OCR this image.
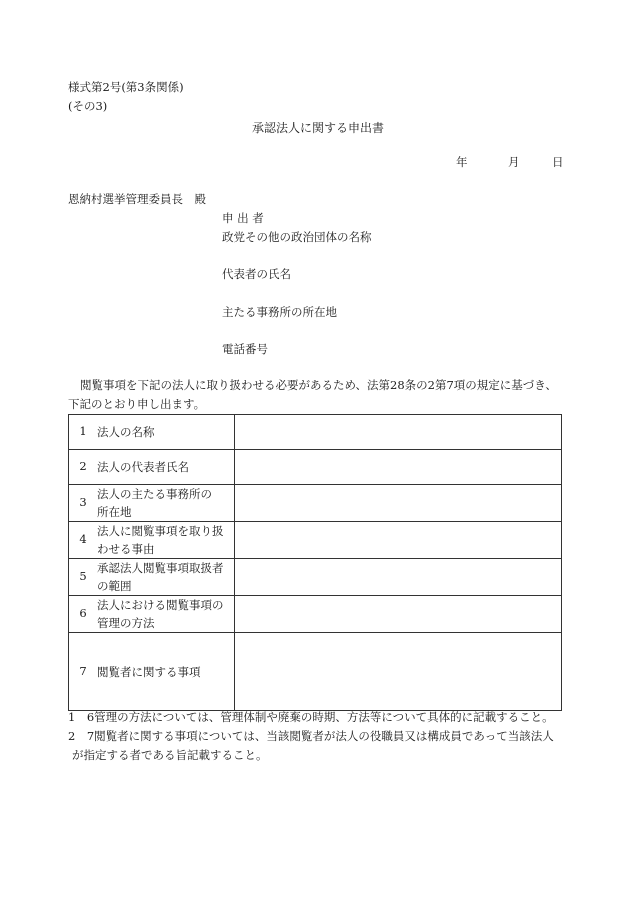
様式第2号(第3条関係)
(その3)
承認法人に関する申出書
年	月	日
恩納村選挙管理委員長　殿
申 出 者
政党その他の政治団体の名称
代表者の氏名
主たる事務所の所在地
電話番号
閲覧事項を下記の法人に取り扱わせる必要があるため、法第28条の2第7項の規定に基づき、
下記のとおり申し出ます。
1 法人の名称	

2 法人の代表者氏名	

3
法人の主たる事務所の
所在地	

4
法人に閲覧事項を取り扱
わせる事由	

5
承認法人閲覧事項取扱者
の範囲	

6
法人における閲覧事項の
管理の方法	

7 閲覧者に関する事項	

1　6管理の方法については、管理体制や廃棄の時期、方法等について具体的に記載すること。
2　7閲覧者に関する事項については、当該閲覧者が法人の役職員又は構成員であって当該法人
が指定する者である旨記載すること。
